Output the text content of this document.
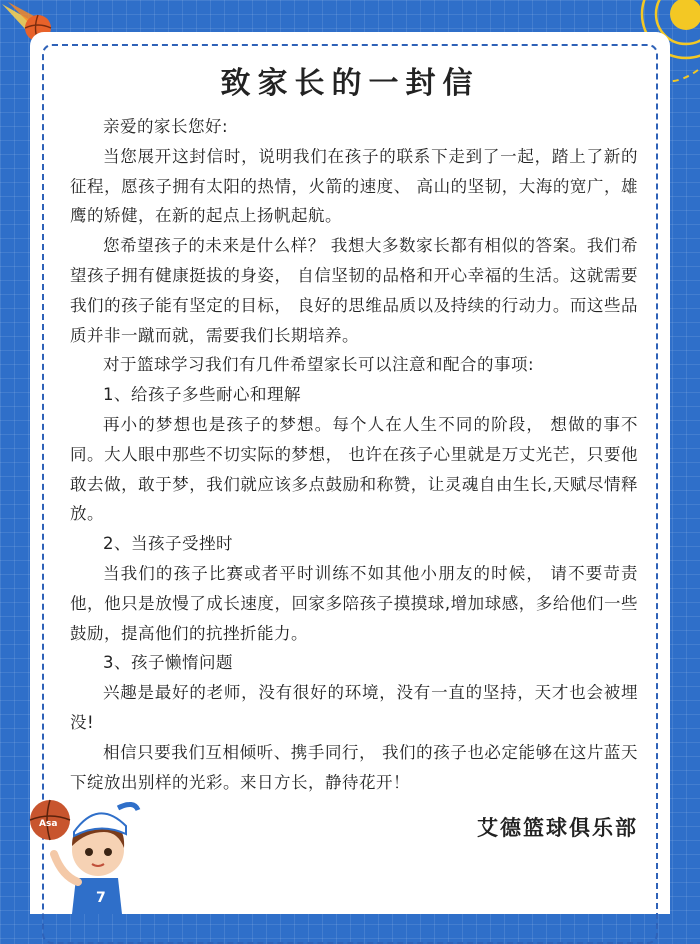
致家长的一封信

亲爱的家长您好:

当您展开这封信时，说明我们在孩子的联系下走到了一起，踏上了新的征程，愿孩子拥有太阳的热情，火箭的速度、 高山的坚韧，大海的宽广，雄鹰的矫健，在新的起点上扬帆起航。

您希望孩子的未来是什么样？ 我想大多数家长都有相似的答案。我们希望孩子拥有健康挺拔的身姿， 自信坚韧的品格和开心幸福的生活。这就需要我们的孩子能有坚定的目标， 良好的思维品质以及持续的行动力。而这些品质并非一蹴而就，需要我们长期培养。

对于篮球学习我们有几件希望家长可以注意和配合的事项:

1、给孩子多些耐心和理解

再小的梦想也是孩子的梦想。每个人在人生不同的阶段， 想做的事不同。大人眼中那些不切实际的梦想， 也许在孩子心里就是万丈光芒，只要他敢去做，敢于梦，我们就应该多点鼓励和称赞，让灵魂自由生长,天赋尽情释放。

2、当孩子受挫时

当我们的孩子比赛或者平时训练不如其他小朋友的时候， 请不要苛责他，他只是放慢了成长速度，回家多陪孩子摸摸球,增加球感，多给他们一些鼓励，提高他们的抗挫折能力。

3、孩子懒惰问题

兴趣是最好的老师，没有很好的环境，没有一直的坚持，天才也会被埋没!

相信只要我们互相倾听、携手同行， 我们的孩子也必定能够在这片蓝天下绽放出别样的光彩。来日方长，静待花开！

艾德篮球俱乐部
7
Asa
